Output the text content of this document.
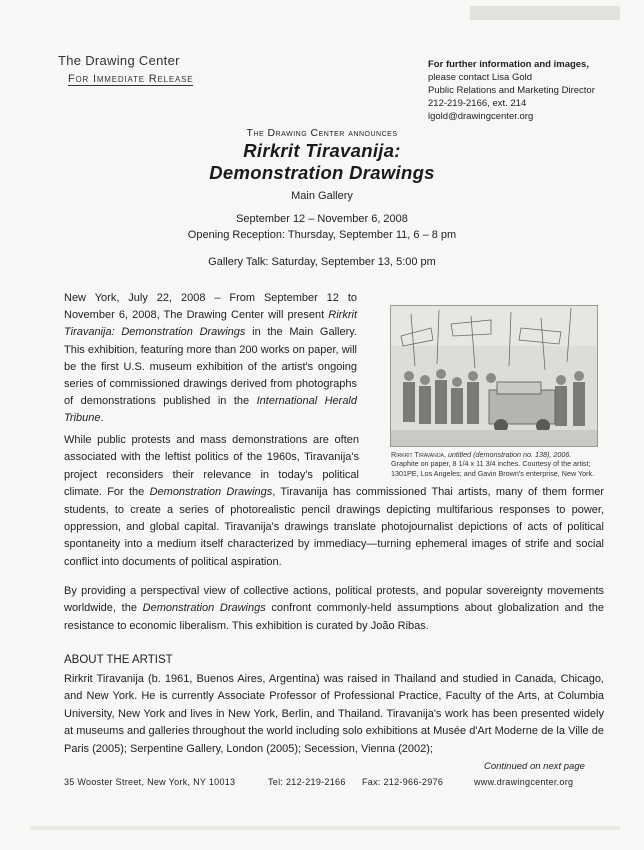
The Drawing Center
For Immediate Release
For further information and images,
please contact Lisa Gold
Public Relations and Marketing Director
212-219-2166, ext. 214
lgold@drawingcenter.org
The Drawing Center announces
Rirkrit Tiravanija:
Demonstration Drawings
Main Gallery
September 12 – November 6, 2008
Opening Reception: Thursday, September 11, 6 – 8 pm
Gallery Talk: Saturday, September 13, 5:00 pm
New York, July 22, 2008 – From September 12 to November 6, 2008, The Drawing Center will present Rirkrit Tiravanija: Demonstration Drawings in the Main Gallery. This exhibition, featuring more than 200 works on paper, will be the first U.S. museum exhibition of the artist's ongoing series of commissioned drawings derived from photographs of demonstrations published in the International Herald Tribune.
Rirkrit Tiravanija, untitled (demonstration no. 138), 2006.
Graphite on paper, 8 1/4 x 11 3/4 inches. Courtesy of the artist;
1301PE, Los Angeles; and Gavin Brown's enterprise, New York.
While public protests and mass demonstrations are often associated with the leftist politics of the 1960s, Tiravanija's project reconsiders their relevance in today's political climate. For the Demonstration Drawings, Tiravanija has commissioned Thai artists, many of them former students, to create a series of photorealistic pencil drawings depicting multifarious responses to power, oppression, and global capital. Tiravanija's drawings translate photojournalist depictions of acts of political spontaneity into a medium itself characterized by immediacy—turning ephemeral images of strife and social conflict into documents of political aspiration.
By providing a perspectival view of collective actions, political protests, and popular sovereignty movements worldwide, the Demonstration Drawings confront commonly-held assumptions about globalization and the resistance to economic liberalism. This exhibition is curated by João Ribas.
ABOUT THE ARTIST
Rirkrit Tiravanija (b. 1961, Buenos Aires, Argentina) was raised in Thailand and studied in Canada, Chicago, and New York. He is currently Associate Professor of Professional Practice, Faculty of the Arts, at Columbia University, New York and lives in New York, Berlin, and Thailand. Tiravanija's work has been presented widely at museums and galleries throughout the world including solo exhibitions at Musée d'Art Moderne de la Ville de Paris (2005); Serpentine Gallery, London (2005); Secession, Vienna (2002);
Continued on next page
35 Wooster Street, New York, NY 10013	Tel: 212-219-2166 Fax: 212-966-2976	www.drawingcenter.org
